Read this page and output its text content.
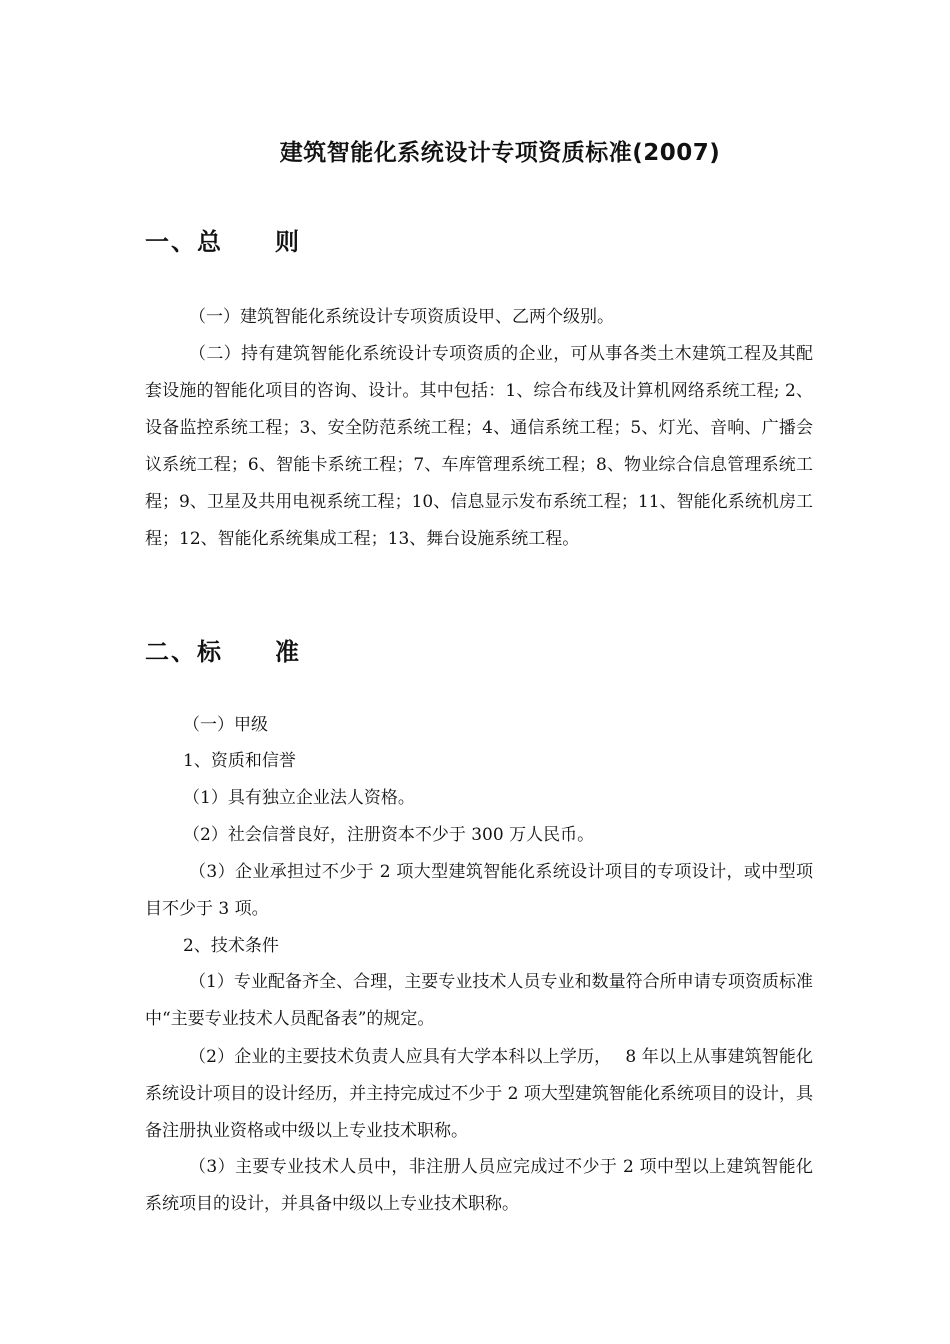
建筑智能化系统设计专项资质标准(2007)
一、总　　则
（一）建筑智能化系统设计专项资质设甲、乙两个级别。
（二）持有建筑智能化系统设计专项资质的企业，可从事各类土木建筑工程及其配套设施的智能化项目的咨询、设计。其中包括：1、综合布线及计算机网络系统工程; 2、设备监控系统工程；3、安全防范系统工程；4、通信系统工程；5、灯光、音响、广播会议系统工程；6、智能卡系统工程；7、车库管理系统工程；8、物业综合信息管理系统工程；9、卫星及共用电视系统工程；10、信息显示发布系统工程；11、智能化系统机房工程；12、智能化系统集成工程；13、舞台设施系统工程。
二、标　　准
（一）甲级
1、资质和信誉
（1）具有独立企业法人资格。
（2）社会信誉良好，注册资本不少于 300 万人民币。
（3）企业承担过不少于 2 项大型建筑智能化系统设计项目的专项设计，或中型项目不少于 3 项。
2、技术条件
（1）专业配备齐全、合理，主要专业技术人员专业和数量符合所申请专项资质标准中“主要专业技术人员配备表”的规定。
（2）企业的主要技术负责人应具有大学本科以上学历，　 8 年以上从事建筑智能化系统设计项目的设计经历，并主持完成过不少于 2 项大型建筑智能化系统项目的设计，具备注册执业资格或中级以上专业技术职称。
（3）主要专业技术人员中，非注册人员应完成过不少于 2 项中型以上建筑智能化系统项目的设计，并具备中级以上专业技术职称。
